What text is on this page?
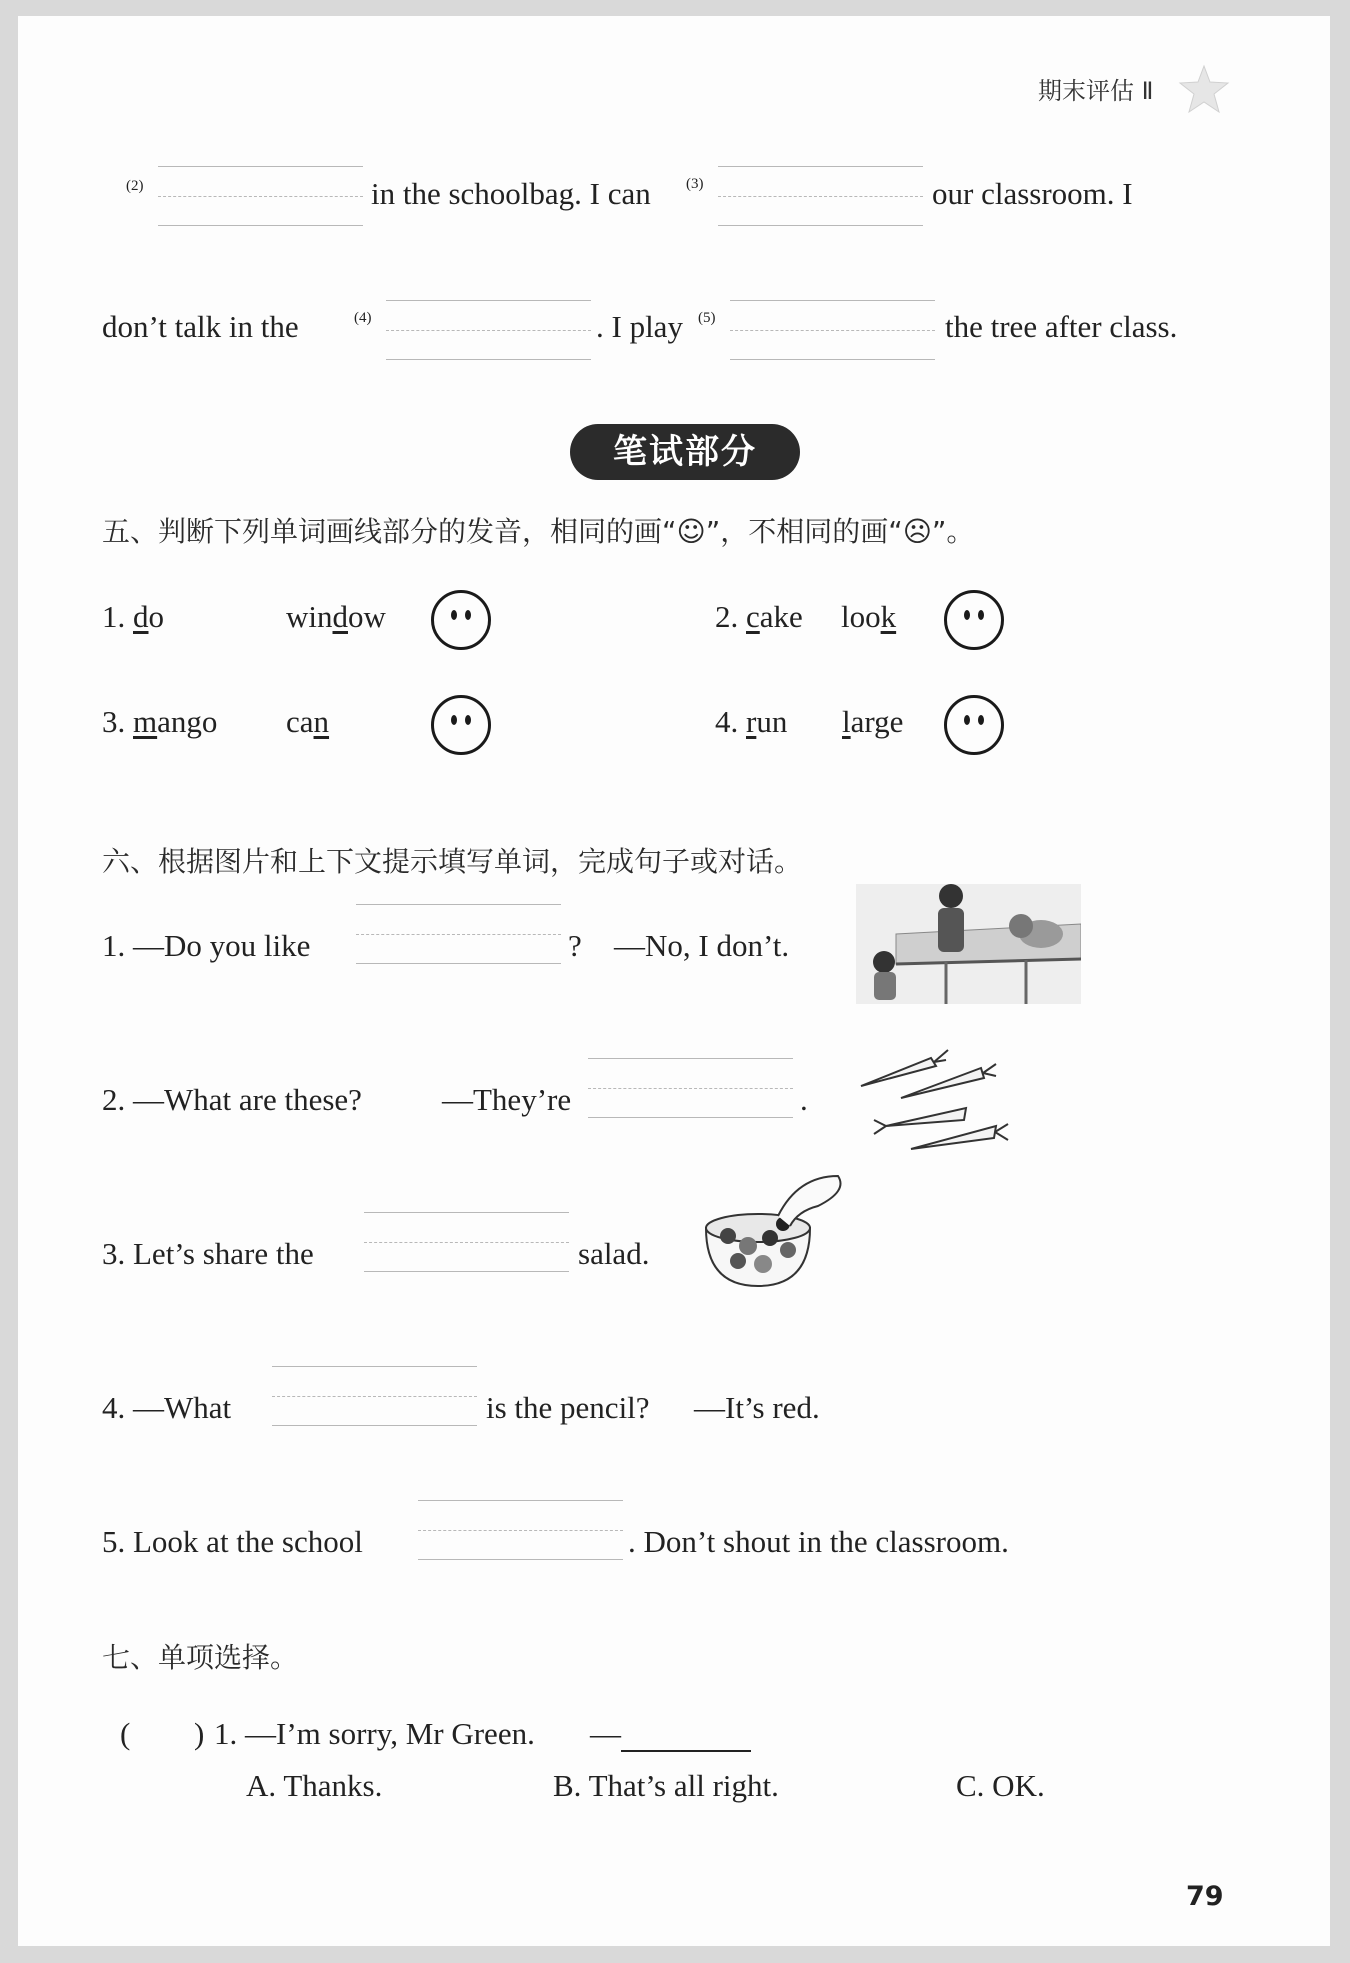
期末评估 Ⅱ
(2)	in the schoolbag. I can (3)	our classroom. I
don’t talk in the	(4)	. I play (5)	the tree after class.
笔试部分
五、判断下列单词画线部分的发音，相同的画“☺”，不相同的画“☹”。
1. do	window	2. cake look
3. mango can	4. run large
六、根据图片和上下文提示填写单词，完成句子或对话。
1. —Do you like	? —No, I don’t.
2. —What are these?	—They’re	.
3. Let’s share the	salad.
4. —What	is the pencil? —It’s red.
5. Look at the school	. Don’t shout in the classroom.
七、单项选择。
( ) 1. —I’m sorry, Mr Green. —
A. Thanks.	B. That’s all right.	C. OK.
79
